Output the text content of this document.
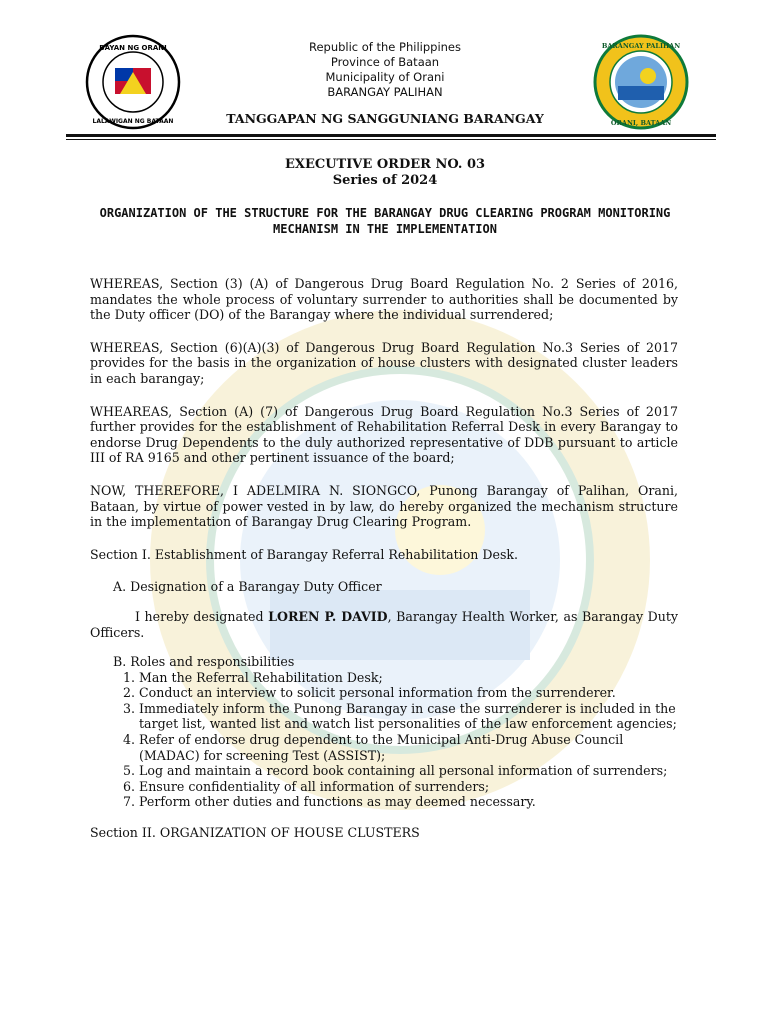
BAYAN NG ORANI
LALAWIGAN NG BATAAN
BARANGAY PALIHAN
ORANI, BATAAN
Republic of the Philippines
Province of Bataan
Municipality of Orani
BARANGAY PALIHAN
TANGGAPAN NG SANGGUNIANG BARANGAY
EXECUTIVE ORDER NO. 03
Series of 2024
ORGANIZATION OF THE STRUCTURE FOR THE BARANGAY DRUG CLEARING PROGRAM MONITORING MECHANISM IN THE IMPLEMENTATION

WHEREAS, Section (3) (A) of Dangerous Drug Board Regulation No. 2 Series of 2016, mandates the whole process of voluntary surrender to authorities shall be documented by the Duty officer (DO) of the Barangay where the individual surrendered;

WHEREAS, Section (6)(A)(3) of Dangerous Drug Board Regulation No.3 Series of 2017 provides for the basis in the organization of house clusters with designated cluster leaders in each barangay;

WHEAREAS, Section (A) (7) of Dangerous Drug Board Regulation No.3 Series of 2017 further provides for the establishment of Rehabilitation Referral Desk in every Barangay to endorse Drug Dependents to the duly authorized representative of DDB pursuant to article III of RA 9165 and other pertinent issuance of the board;

NOW, THEREFORE, I ADELMIRA N. SIONGCO, Punong Barangay of Palihan, Orani, Bataan, by virtue of power vested in by law, do hereby organized the mechanism structure in the implementation of Barangay Drug Clearing Program.

Section I. Establishment of Barangay Referral Rehabilitation Desk.

A. Designation of a Barangay Duty Officer

I hereby designated LOREN P. DAVID, Barangay Health Worker, as Barangay Duty Officers.

B. Roles and responsibilities
1. Man the Referral Rehabilitation Desk;
2. Conduct an interview to solicit personal information from the surrenderer.
3. Immediately inform the Punong Barangay in case the surrenderer is included in the target list, wanted list and watch list personalities of the law enforcement agencies;
4. Refer of endorse drug dependent to the Municipal Anti-Drug Abuse Council (MADAC) for screening Test (ASSIST);
5. Log and maintain a record book containing all personal information of surrenders;
6. Ensure confidentiality of all information of surrenders;
7. Perform other duties and functions as may deemed necessary.

Section II. ORGANIZATION OF HOUSE CLUSTERS
